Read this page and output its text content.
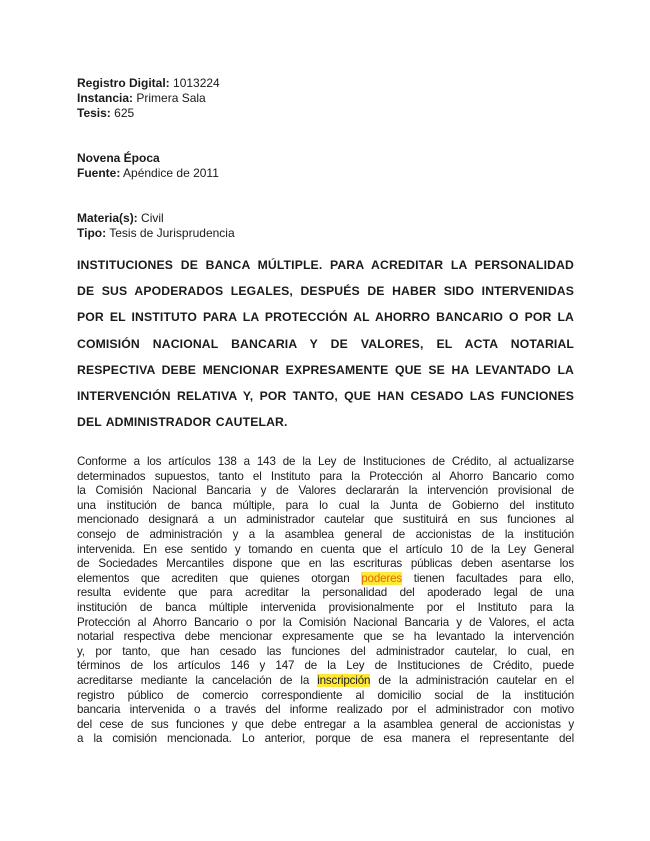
Registro Digital: 1013224
Instancia: Primera Sala
Tesis: 625
Novena Época
Fuente: Apéndice de 2011
Materia(s): Civil
Tipo: Tesis de Jurisprudencia
INSTITUCIONES DE BANCA MÚLTIPLE. PARA ACREDITAR LA PERSONALIDAD
DE SUS APODERADOS LEGALES, DESPUÉS DE HABER SIDO INTERVENIDAS
POR EL INSTITUTO PARA LA PROTECCIÓN AL AHORRO BANCARIO O POR LA
COMISIÓN NACIONAL BANCARIA Y DE VALORES, EL ACTA NOTARIAL
RESPECTIVA DEBE MENCIONAR EXPRESAMENTE QUE SE HA LEVANTADO LA
INTERVENCIÓN RELATIVA Y, POR TANTO, QUE HAN CESADO LAS FUNCIONES
DEL ADMINISTRADOR CAUTELAR.
Conforme a los artículos 138 a 143 de la Ley de Instituciones de Crédito, al actualizarse
determinados supuestos, tanto el Instituto para la Protección al Ahorro Bancario como
la Comisión Nacional Bancaria y de Valores declararán la intervención provisional de
una institución de banca múltiple, para lo cual la Junta de Gobierno del instituto
mencionado designará a un administrador cautelar que sustituirá en sus funciones al
consejo de administración y a la asamblea general de accionistas de la institución
intervenida. En ese sentido y tomando en cuenta que el artículo 10 de la Ley General
de Sociedades Mercantiles dispone que en las escrituras públicas deben asentarse los
elementos que acrediten que quienes otorgan poderes tienen facultades para ello,
resulta evidente que para acreditar la personalidad del apoderado legal de una
institución de banca múltiple intervenida provisionalmente por el Instituto para la
Protección al Ahorro Bancario o por la Comisión Nacional Bancaria y de Valores, el acta
notarial respectiva debe mencionar expresamente que se ha levantado la intervención
y, por tanto, que han cesado las funciones del administrador cautelar, lo cual, en
términos de los artículos 146 y 147 de la Ley de Instituciones de Crédito, puede
acreditarse mediante la cancelación de la inscripción de la administración cautelar en el
registro público de comercio correspondiente al domicilio social de la institución
bancaria intervenida o a través del informe realizado por el administrador con motivo
del cese de sus funciones y que debe entregar a la asamblea general de accionistas y
a la comisión mencionada. Lo anterior, porque de esa manera el representante del
